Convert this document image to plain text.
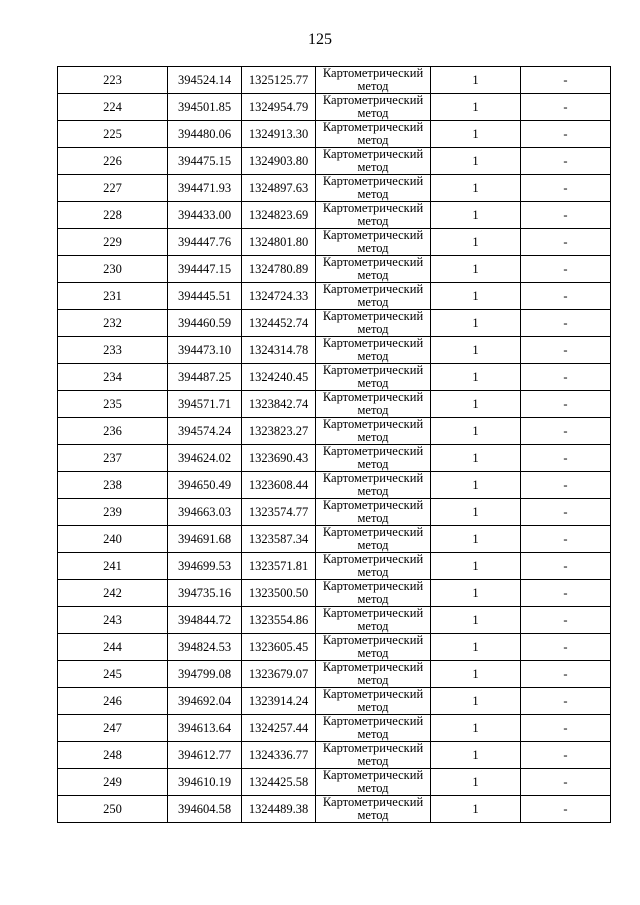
125
223	394524.14	1325125.77	Картометрический метод	1	-
224	394501.85	1324954.79	Картометрический метод	1	-
225	394480.06	1324913.30	Картометрический метод	1	-
226	394475.15	1324903.80	Картометрический метод	1	-
227	394471.93	1324897.63	Картометрический метод	1	-
228	394433.00	1324823.69	Картометрический метод	1	-
229	394447.76	1324801.80	Картометрический метод	1	-
230	394447.15	1324780.89	Картометрический метод	1	-
231	394445.51	1324724.33	Картометрический метод	1	-
232	394460.59	1324452.74	Картометрический метод	1	-
233	394473.10	1324314.78	Картометрический метод	1	-
234	394487.25	1324240.45	Картометрический метод	1	-
235	394571.71	1323842.74	Картометрический метод	1	-
236	394574.24	1323823.27	Картометрический метод	1	-
237	394624.02	1323690.43	Картометрический метод	1	-
238	394650.49	1323608.44	Картометрический метод	1	-
239	394663.03	1323574.77	Картометрический метод	1	-
240	394691.68	1323587.34	Картометрический метод	1	-
241	394699.53	1323571.81	Картометрический метод	1	-
242	394735.16	1323500.50	Картометрический метод	1	-
243	394844.72	1323554.86	Картометрический метод	1	-
244	394824.53	1323605.45	Картометрический метод	1	-
245	394799.08	1323679.07	Картометрический метод	1	-
246	394692.04	1323914.24	Картометрический метод	1	-
247	394613.64	1324257.44	Картометрический метод	1	-
248	394612.77	1324336.77	Картометрический метод	1	-
249	394610.19	1324425.58	Картометрический метод	1	-
250	394604.58	1324489.38	Картометрический метод	1	-
